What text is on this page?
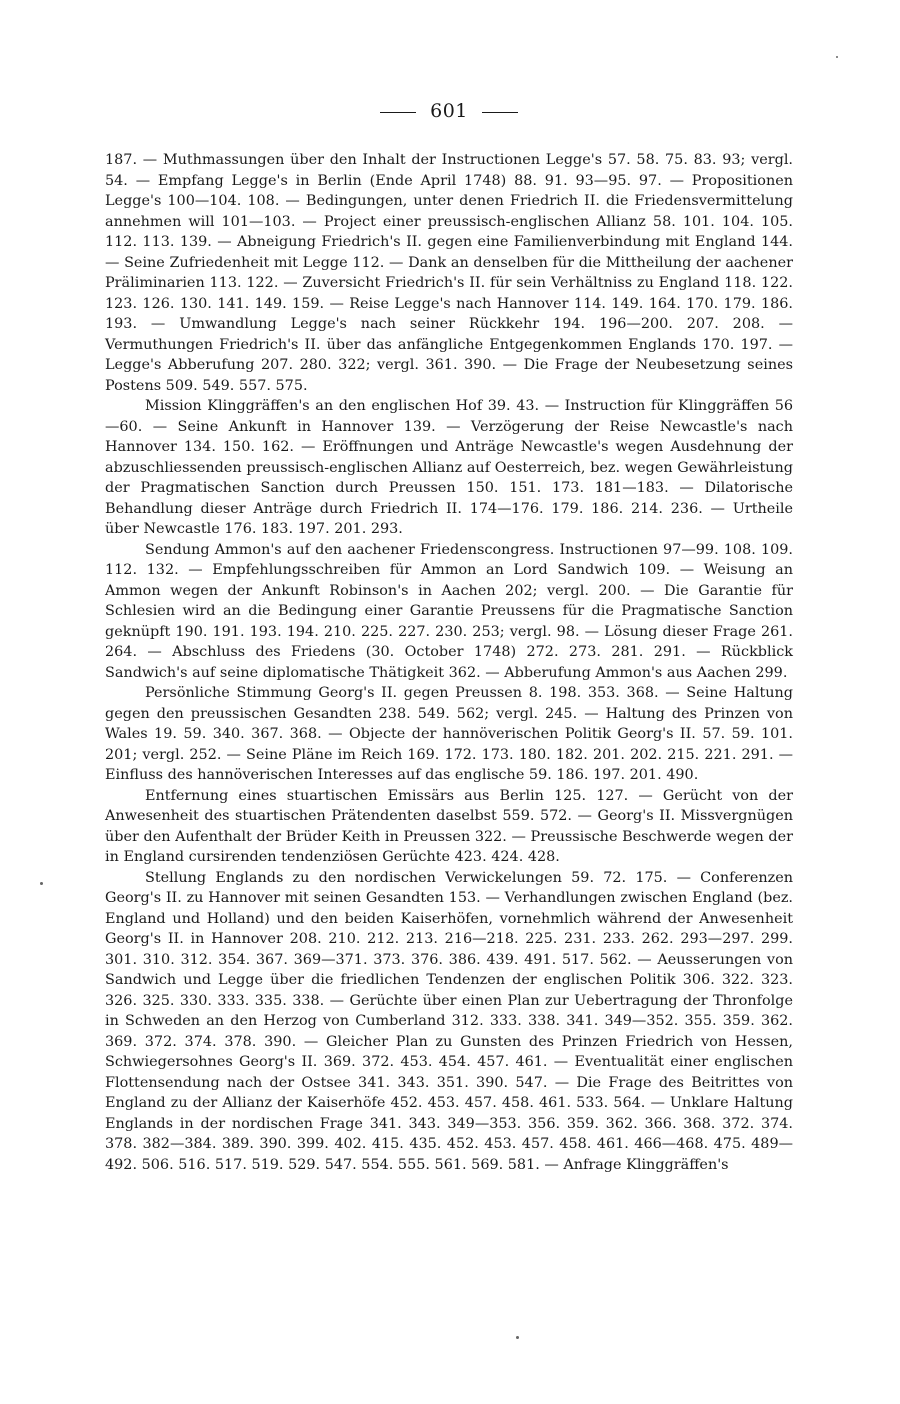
601

187. — Muthmassungen über den Inhalt der Instructionen Legge's 57. 58. 75. 83. 93; vergl. 54. — Empfang Legge's in Berlin (Ende April 1748) 88. 91. 93—95. 97. — Propositionen Legge's 100—104. 108. — Bedingungen, unter denen Friedrich II. die Friedensvermittelung annehmen will 101—103. — Project einer preussisch-englischen Allianz 58. 101. 104. 105. 112. 113. 139. — Abneigung Friedrich's II. gegen eine Familienverbindung mit England 144. — Seine Zufriedenheit mit Legge 112. — Dank an denselben für die Mittheilung der aachener Präliminarien 113. 122. — Zuversicht Friedrich's II. für sein Verhältniss zu England 118. 122. 123. 126. 130. 141. 149. 159. — Reise Legge's nach Hannover 114. 149. 164. 170. 179. 186. 193. — Umwandlung Legge's nach seiner Rückkehr 194. 196—200. 207. 208. — Vermuthungen Friedrich's II. über das anfängliche Entgegenkommen Englands 170. 197. — Legge's Abberufung 207. 280. 322; vergl. 361. 390. — Die Frage der Neubesetzung seines Postens 509. 549. 557. 575.

Mission Klinggräffen's an den englischen Hof 39. 43. — Instruction für Klinggräffen 56—60. — Seine Ankunft in Hannover 139. — Verzögerung der Reise Newcastle's nach Hannover 134. 150. 162. — Eröffnungen und Anträge Newcastle's wegen Ausdehnung der abzuschliessenden preussisch-englischen Allianz auf Oesterreich, bez. wegen Gewährleistung der Pragmatischen Sanction durch Preussen 150. 151. 173. 181—183. — Dilatorische Behandlung dieser Anträge durch Friedrich II. 174—176. 179. 186. 214. 236. — Urtheile über Newcastle 176. 183. 197. 201. 293.

Sendung Ammon's auf den aachener Friedenscongress. Instructionen 97—99. 108. 109. 112. 132. — Empfehlungsschreiben für Ammon an Lord Sandwich 109. — Weisung an Ammon wegen der Ankunft Robinson's in Aachen 202; vergl. 200. — Die Garantie für Schlesien wird an die Bedingung einer Garantie Preussens für die Pragmatische Sanction geknüpft 190. 191. 193. 194. 210. 225. 227. 230. 253; vergl. 98. — Lösung dieser Frage 261. 264. — Abschluss des Friedens (30. October 1748) 272. 273. 281. 291. — Rückblick Sandwich's auf seine diplomatische Thätigkeit 362. — Abberufung Ammon's aus Aachen 299.

Persönliche Stimmung Georg's II. gegen Preussen 8. 198. 353. 368. — Seine Haltung gegen den preussischen Gesandten 238. 549. 562; vergl. 245. — Haltung des Prinzen von Wales 19. 59. 340. 367. 368. — Objecte der hannöverischen Politik Georg's II. 57. 59. 101. 201; vergl. 252. — Seine Pläne im Reich 169. 172. 173. 180. 182. 201. 202. 215. 221. 291. — Einfluss des hannöverischen Interesses auf das englische 59. 186. 197. 201. 490.

Entfernung eines stuartischen Emissärs aus Berlin 125. 127. — Gerücht von der Anwesenheit des stuartischen Prätendenten daselbst 559. 572. — Georg's II. Missvergnügen über den Aufenthalt der Brüder Keith in Preussen 322. — Preussische Beschwerde wegen der in England cursirenden tendenziösen Gerüchte 423. 424. 428.

Stellung Englands zu den nordischen Verwickelungen 59. 72. 175. — Conferenzen Georg's II. zu Hannover mit seinen Gesandten 153. — Verhandlungen zwischen England (bez. England und Holland) und den beiden Kaiserhöfen, vornehmlich während der Anwesenheit Georg's II. in Hannover 208. 210. 212. 213. 216—218. 225. 231. 233. 262. 293—297. 299. 301. 310. 312. 354. 367. 369—371. 373. 376. 386. 439. 491. 517. 562. — Aeusserungen von Sandwich und Legge über die friedlichen Tendenzen der englischen Politik 306. 322. 323. 326. 325. 330. 333. 335. 338. — Gerüchte über einen Plan zur Uebertragung der Thronfolge in Schweden an den Herzog von Cumberland 312. 333. 338. 341. 349—352. 355. 359. 362. 369. 372. 374. 378. 390. — Gleicher Plan zu Gunsten des Prinzen Friedrich von Hessen, Schwiegersohnes Georg's II. 369. 372. 453. 454. 457. 461. — Eventualität einer englischen Flottensendung nach der Ostsee 341. 343. 351. 390. 547. — Die Frage des Beitrittes von England zu der Allianz der Kaiserhöfe 452. 453. 457. 458. 461. 533. 564. — Unklare Haltung Englands in der nordischen Frage 341. 343. 349—353. 356. 359. 362. 366. 368. 372. 374. 378. 382—384. 389. 390. 399. 402. 415. 435. 452. 453. 457. 458. 461. 466—468. 475. 489—492. 506. 516. 517. 519. 529. 547. 554. 555. 561. 569. 581. — Anfrage Klinggräffen's
